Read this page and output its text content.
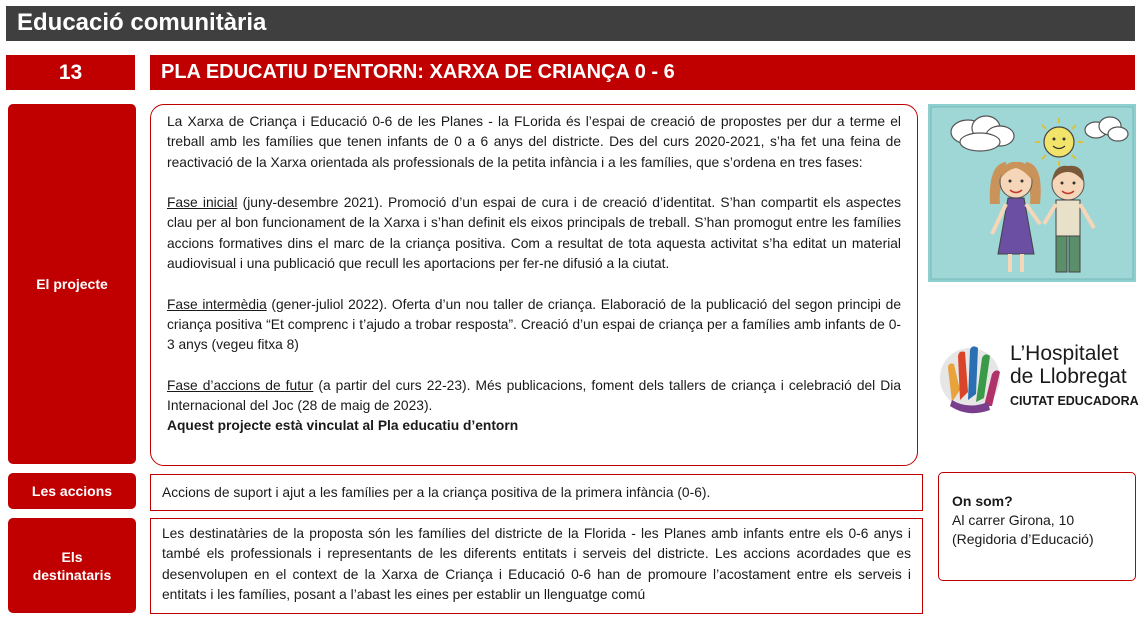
Educació comunitària
13	PLA EDUCATIU D’ENTORN: XARXA DE CRIANÇA 0 - 6
El projecte

La Xarxa de Criança i Educació 0-6 de les Planes - la FLorida és l’espai de creació de propostes per dur a terme el treball amb les famílies que tenen infants de 0 a 6 anys del districte. Des del curs 2020-2021, s’ha fet una feina de reactivació de la Xarxa orientada als professionals de la petita infància i a les famílies, que s’ordena en tres fases:

Fase inicial (juny-desembre 2021). Promoció d’un espai de cura i de creació d’identitat. S’han compartit els aspectes clau per al bon funcionament de la Xarxa i s’han definit els eixos principals de treball. S’han promogut entre les famílies accions formatives dins el marc de la criança positiva. Com a resultat de tota aquesta activitat s’ha editat un material audiovisual i una publicació que recull les aportacions per fer-ne difusió a la ciutat.

Fase intermèdia (gener-juliol 2022). Oferta d’un nou taller de criança. Elaboració de la publicació del segon principi de criança positiva “Et comprenc i t’ajudo a trobar resposta”. Creació d’un espai de criança per a famílies amb infants de 0-3 anys (vegeu fitxa 8)

Fase d’accions de futur (a partir del curs 22-23). Més publicacions, foment dels tallers de criança i celebració del Dia Internacional del Joc (28 de maig de 2023).

Aquest projecte està vinculat al Pla educatiu d’entorn
L’Hospitalet
de Llobregat
CIUTAT EDUCADORA
Les accions	Accions de suport i ajut a les famílies per a la criança positiva de la primera infància (0-6).
Els
destinataris
Les destinatàries de la proposta són les famílies del districte de la Florida - les Planes amb infants entre els 0-6 anys i també els professionals i representants de les diferents entitats i serveis del districte. Les accions acordades que es desenvolupen en el context de la Xarxa de Criança i Educació 0-6 han de promoure l’acostament entre els serveis i entitats i les famílies, posant a l’abast les eines per establir un llenguatge comú
On som?
Al carrer Girona, 10
(Regidoria d’Educació)
